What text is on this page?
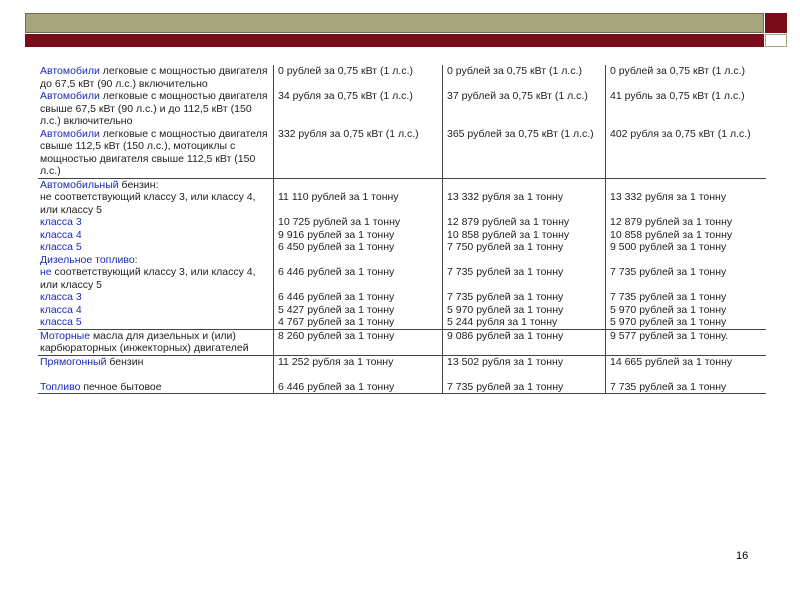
Автомобили легковые с мощностью двигателя до 67,5 кВт (90 л.с.) включительно	0 рублей за 0,75 кВт (1 л.с.)	0 рублей за 0,75 кВт (1 л.с.)	0 рублей за 0,75 кВт (1 л.с.)
Автомобили легковые с мощностью двигателя свыше 67,5 кВт (90 л.с.) и до 112,5 кВт (150 л.с.) включительно	34 рубля за 0,75 кВт (1 л.с.)	37 рублей за 0,75 кВт (1 л.с.)	41 рубль за 0,75 кВт (1 л.с.)
Автомобили легковые с мощностью двигателя свыше 112,5 кВт (150 л.с.), мотоциклы с мощностью двигателя свыше 112,5 кВт (150 л.с.)	332 рубля за 0,75 кВт (1 л.с.)	365 рублей за 0,75 кВт (1 л.с.)	402 рубля за 0,75 кВт (1 л.с.)
Автомобильный бензин:			
не соответствующий классу 3, или классу 4, или классу 5	11 110 рублей за 1 тонну	13 332 рубля за 1 тонну	13 332 рубля за 1 тонну
класса 3	10 725 рублей за 1 тонну	12 879 рублей за 1 тонну	12 879 рублей за 1 тонну
класса 4	9 916 рублей за 1 тонну	10 858 рублей за 1 тонну	10 858 рублей за 1 тонну
класса 5	6 450 рублей за 1 тонну	7 750 рублей за 1 тонну	9 500 рублей за 1 тонну
Дизельное топливо:			
не соответствующий классу 3, или классу 4, или классу 5	6 446 рублей за 1 тонну	7 735 рублей за 1 тонну	7 735 рублей за 1 тонну
класса 3	6 446 рублей за 1 тонну	7 735 рублей за 1 тонну	7 735 рублей за 1 тонну
класса 4	5 427 рублей за 1 тонну	5 970 рублей за 1 тонну	5 970 рублей за 1 тонну
класса 5	4 767 рублей за 1 тонну	5 244 рубля за 1 тонну	5 970 рублей за 1 тонну
Моторные масла для дизельных и (или) карбюраторных (инжекторных) двигателей	8 260 рублей за 1 тонну	9 086 рублей за 1 тонну	9 577 рублей за 1 тонну.
Прямогонный бензин	11 252 рубля за 1 тонну	13 502 рубля за 1 тонну	14 665 рублей за 1 тонну
Топливо печное бытовое	6 446 рублей за 1 тонну	7 735 рублей за 1 тонну	7 735 рублей за 1 тонну
16
